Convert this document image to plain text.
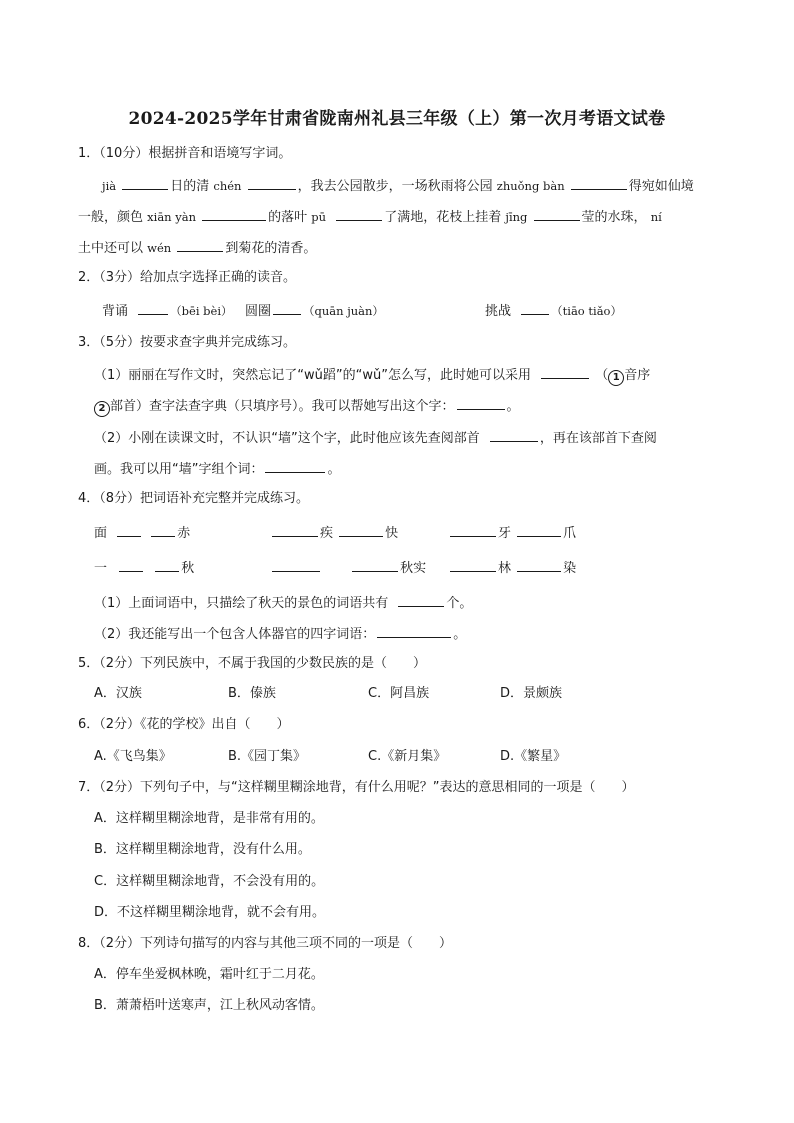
2024-2025学年甘肃省陇南州礼县三年级（上）第一次月考语文试卷
1．（10分）根据拼音和语境写字词。
jià	日的清 chén	，我去公园散步，一场秋雨将公园 zhuǒng bàn	得宛如仙境
一般，颜色 xiān yàn	的落叶 pū	了满地，花枝上挂着 jīng	莹的水珠， ní
土中还可以 wén	到菊花的清香。
2．（3分）给加点字选择正确的读音。
背诵	（bēi bèi） 圆圈	（quān juàn）	挑战	（tiāo tiǎo）
3．（5分）按要求查字典并完成练习。
（1）丽丽在写作文时，突然忘记了“wǔ蹈”的“wǔ”怎么写，此时她可以采用	（ 1 音序
2 部首）查字法查字典（只填序号）。我可以帮她写出这个字：	。
（2）小刚在读课文时，不认识“墙”这个字，此时他应该先查阅部首	，再在该部首下查阅
画。我可以用“墙”字组个词：	。
4．（8分）把词语补充完整并完成练习。
面	赤	疾	快	牙	爪
一	秋	秋实	林	染
（1）上面词语中，只描绘了秋天的景色的词语共有	个。
（2）我还能写出一个包含人体器官的四字词语：	。
5．（2分）下列民族中，不属于我国的少数民族的是（　　）
A．汉族	B．傣族	C．阿昌族	D．景颇族
6．（2分）《花的学校》出自（　　）
A.《飞鸟集》	B.《园丁集》	C.《新月集》	D.《繁星》
7．（2分）下列句子中，与“这样糊里糊涂地背，有什么用呢？”表达的意思相同的一项是（　　）
A．这样糊里糊涂地背，是非常有用的。
B．这样糊里糊涂地背，没有什么用。
C．这样糊里糊涂地背，不会没有用的。
D．不这样糊里糊涂地背，就不会有用。
8．（2分）下列诗句描写的内容与其他三项不同的一项是（　　）
A．停车坐爱枫林晚，霜叶红于二月花。
B．萧萧梧叶送寒声，江上秋风动客情。
